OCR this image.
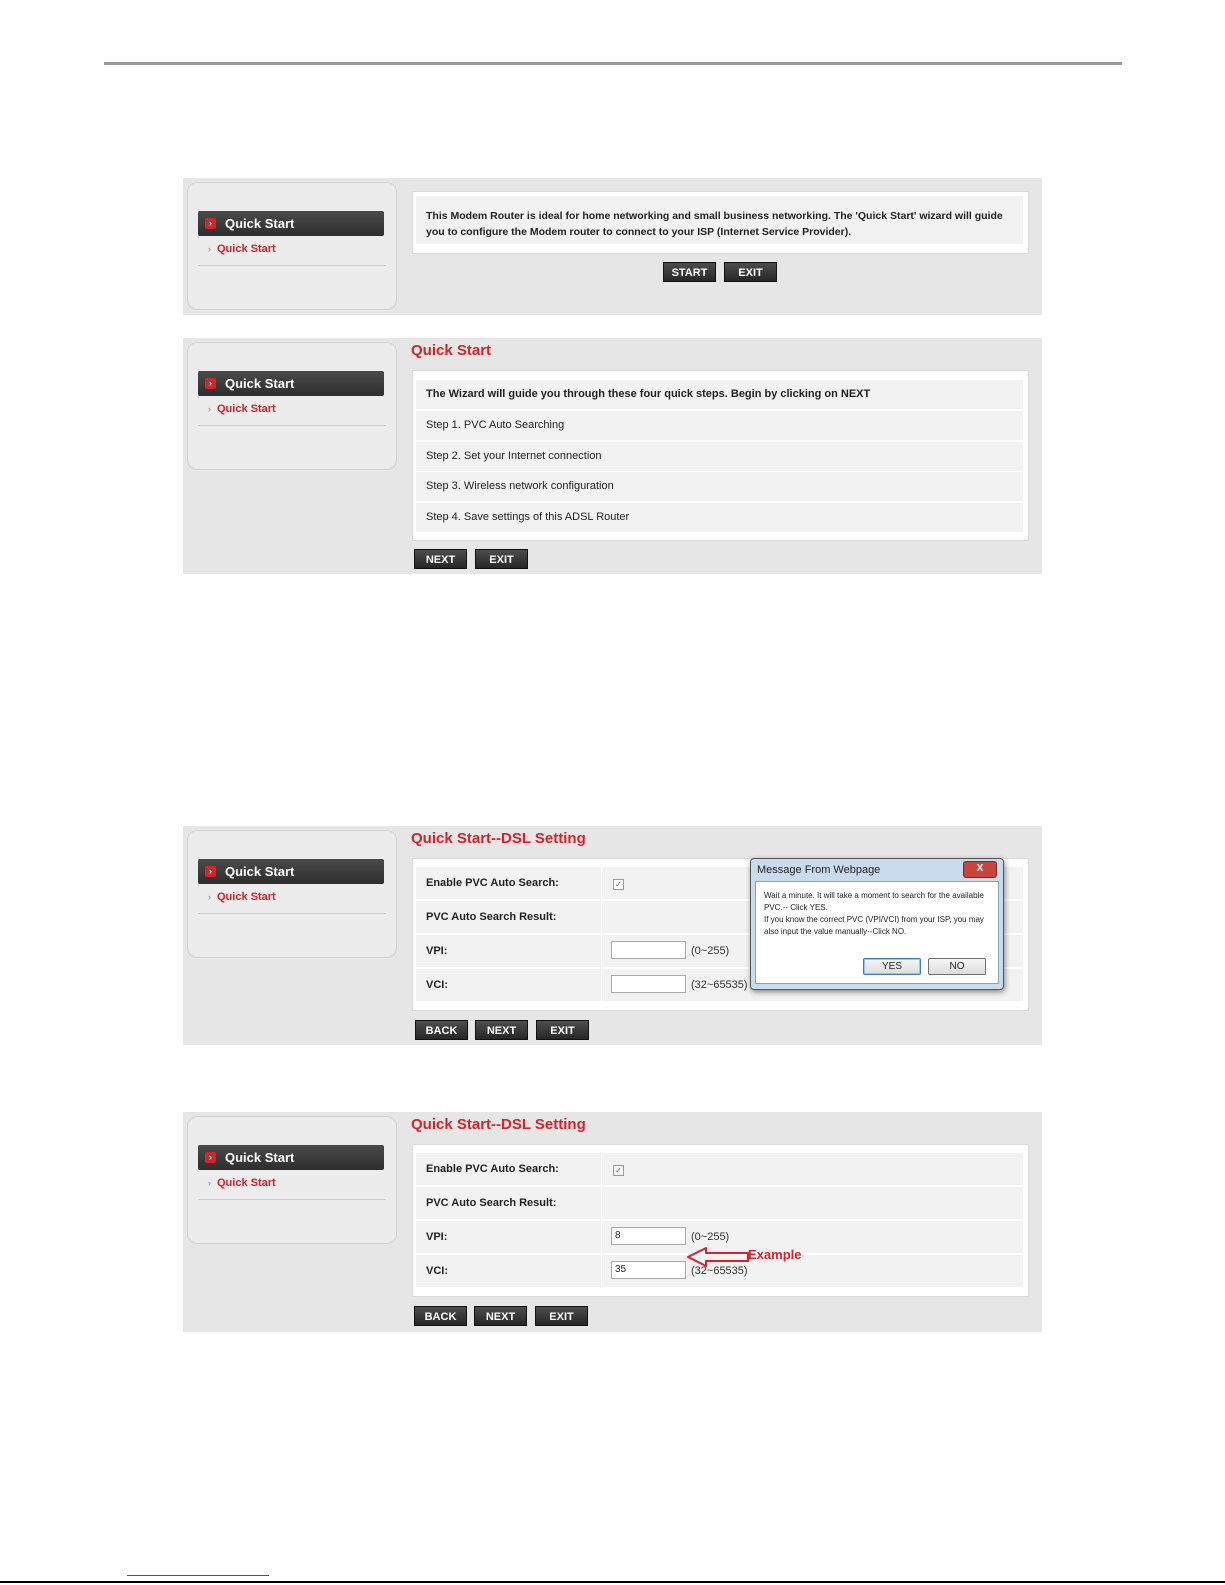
›	Quick Start
› Quick Start
This Modem Router is ideal for home networking and small business networking. The 'Quick Start' wizard will guide you to configure the Modem router to connect to your ISP (Internet Service Provider).
START	EXIT
›	Quick Start
› Quick Start
Quick Start
The Wizard will guide you through these four quick steps. Begin by clicking on NEXT
Step 1. PVC Auto Searching
Step 2. Set your Internet connection
Step 3. Wireless network configuration
Step 4. Save settings of this ADSL Router
NEXT	EXIT
›	Quick Start
› Quick Start
Quick Start--DSL Setting
Enable PVC Auto Search:	✓
PVC Auto Search Result:
VPI:	(0~255)
VCI:	(32~65535)
BACK	NEXT	EXIT
Message From Webpage	X
Wait a minute. It will take a moment to search for the available PVC.-- Click YES.
If you know the correct PVC (VPI/VCI) from your ISP, you may also input the value manually--Click NO.
YES	NO
›	Quick Start
› Quick Start
Quick Start--DSL Setting
Enable PVC Auto Search:	✓
PVC Auto Search Result:
VPI:	8	(0~255)
VCI:	35	(32~65535)
BACK	NEXT	EXIT
Example
